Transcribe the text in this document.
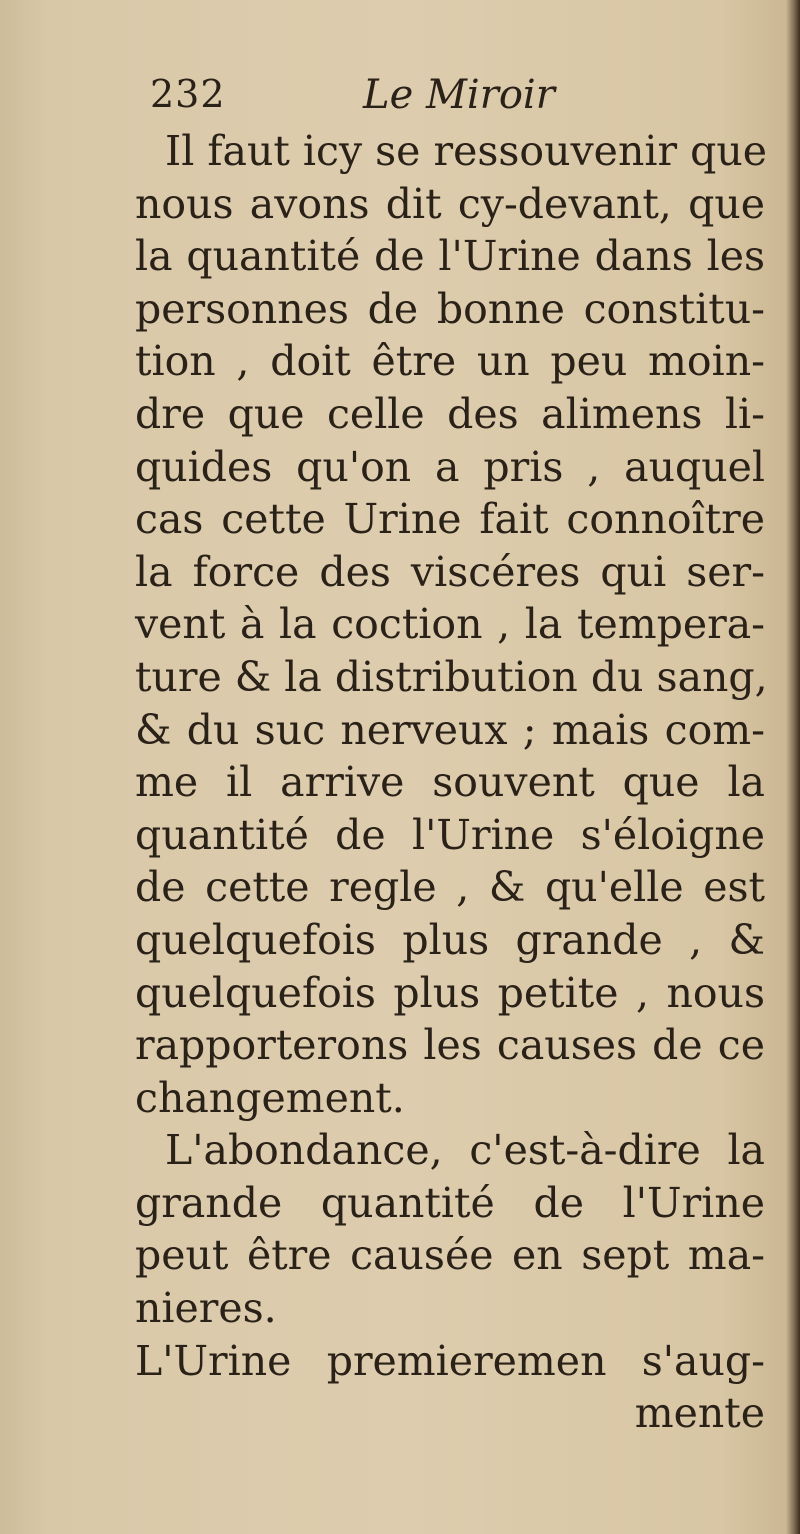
232	Le Miroir
Il faut icy se ressouvenir que
nous avons dit cy-devant, que
la quantité de l'Urine dans les
personnes de bonne constitu-
tion , doit être un peu moin-
dre que celle des alimens li-
quides qu'on a pris , auquel
cas cette Urine fait connoître
la force des viscéres qui ser-
vent à la coction , la tempera-
ture & la distribution du sang,
& du suc nerveux ; mais com-
me il arrive souvent que la
quantité de l'Urine s'éloigne
de cette regle , & qu'elle est
quelquefois plus grande , &
quelquefois plus petite , nous
rapporterons les causes de ce
changement.
L'abondance, c'est-à-dire la
grande quantité de l'Urine
peut être causée en sept ma-
nieres.
L'Urine premieremen s'aug-
mente
